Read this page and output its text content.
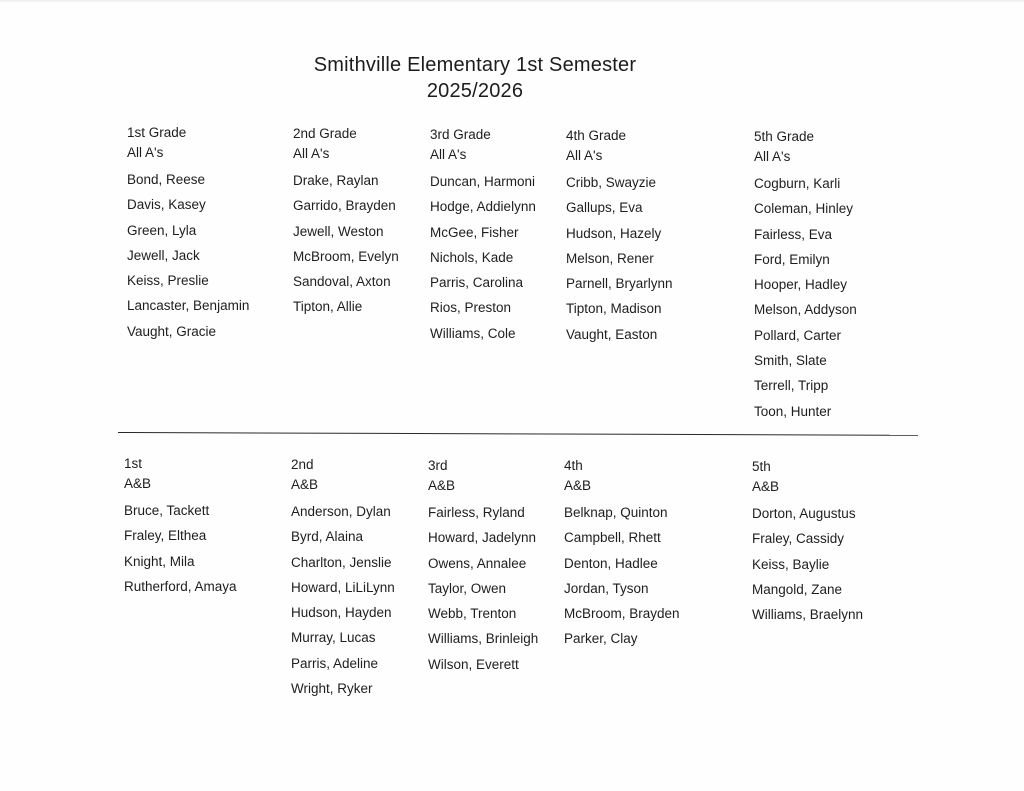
Smithville Elementary 1st Semester
2025/2026
1st Grade
All A's
Bond, Reese
Davis, Kasey
Green, Lyla
Jewell, Jack
Keiss, Preslie
Lancaster, Benjamin
Vaught, Gracie
2nd Grade
All A's
Drake, Raylan
Garrido, Brayden
Jewell, Weston
McBroom, Evelyn
Sandoval, Axton
Tipton, Allie
3rd Grade
All A's
Duncan, Harmoni
Hodge, Addielynn
McGee, Fisher
Nichols, Kade
Parris, Carolina
Rios, Preston
Williams, Cole
4th Grade
All A's
Cribb, Swayzie
Gallups, Eva
Hudson, Hazely
Melson, Rener
Parnell, Bryarlynn
Tipton, Madison
Vaught, Easton
5th Grade
All A's
Cogburn, Karli
Coleman, Hinley
Fairless, Eva
Ford, Emilyn
Hooper, Hadley
Melson, Addyson
Pollard, Carter
Smith, Slate
Terrell, Tripp
Toon, Hunter
1st
A&B
Bruce, Tackett
Fraley, Elthea
Knight, Mila
Rutherford, Amaya
2nd
A&B
Anderson, Dylan
Byrd, Alaina
Charlton, Jenslie
Howard, LiLiLynn
Hudson, Hayden
Murray, Lucas
Parris, Adeline
Wright, Ryker
3rd
A&B
Fairless, Ryland
Howard, Jadelynn
Owens, Annalee
Taylor, Owen
Webb, Trenton
Williams, Brinleigh
Wilson, Everett
4th
A&B
Belknap, Quinton
Campbell, Rhett
Denton, Hadlee
Jordan, Tyson
McBroom, Brayden
Parker, Clay
5th
A&B
Dorton, Augustus
Fraley, Cassidy
Keiss, Baylie
Mangold, Zane
Williams, Braelynn
